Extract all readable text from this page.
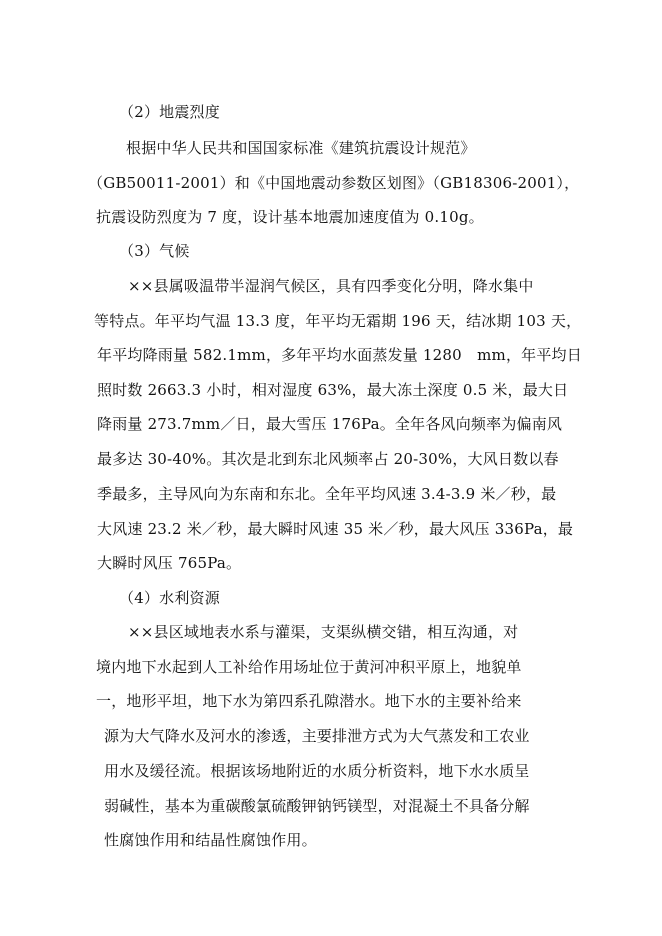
（2）地震烈度
根据中华人民共和国国家标准《建筑抗震设计规范》
（GB50011-2001）和《中国地震动参数区划图》（GB18306-2001），
抗震设防烈度为 7 度，设计基本地震加速度值为 0.10g。
（3）气候
××县属吸温带半湿润气候区，具有四季变化分明，降水集中
等特点。年平均气温 13.3 度，年平均无霜期 196 天，结冰期 103 天，
年平均降雨量 582.1mm，多年平均水面蒸发量 1280　mm，年平均日
照时数 2663.3 小时，相对湿度 63%，最大冻土深度 0.5 米，最大日
降雨量 273.7mm／日，最大雪压 176Pa。全年各风向频率为偏南风
最多达 30-40%。其次是北到东北风频率占 20-30%，大风日数以春
季最多，主导风向为东南和东北。全年平均风速 3.4-3.9 米／秒，最
大风速 23.2 米／秒，最大瞬时风速 35 米／秒，最大风压 336Pa，最
大瞬时风压 765Pa。
（4）水利资源
××县区域地表水系与灌渠，支渠纵横交错，相互沟通，对
境内地下水起到人工补给作用场址位于黄河冲积平原上，地貌单
一，地形平坦，地下水为第四系孔隙潜水。地下水的主要补给来
源为大气降水及河水的渗透，主要排泄方式为大气蒸发和工农业
用水及缓径流。根据该场地附近的水质分析资料，地下水水质呈
弱碱性，基本为重碳酸氯硫酸钾钠钙镁型，对混凝土不具备分解
性腐蚀作用和结晶性腐蚀作用。
